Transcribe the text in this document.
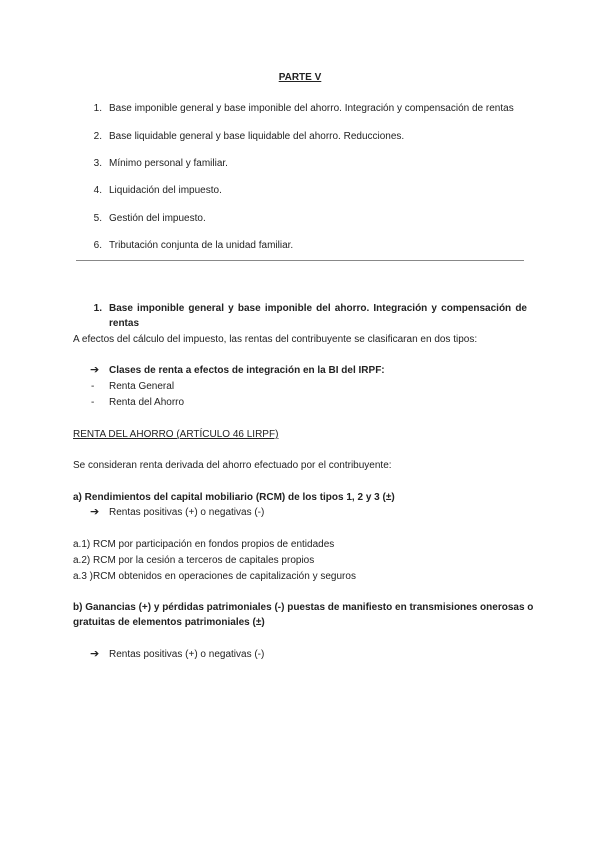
PARTE V
1. Base imponible general y base imponible del ahorro. Integración y compensación de rentas
2. Base liquidable general y base liquidable del ahorro. Reducciones.
3. Mínimo personal y familiar.
4. Liquidación del impuesto.
5. Gestión del impuesto.
6. Tributación conjunta de la unidad familiar.
1. Base imponible general y base imponible del ahorro. Integración y compensación de
rentas
A efectos del cálculo del impuesto, las rentas del contribuyente se clasificaran en dos tipos:
➔ Clases de renta a efectos de integración en la BI del IRPF:
- Renta General
- Renta del Ahorro
RENTA DEL AHORRO (ARTÍCULO 46 LIRPF)
Se consideran renta derivada del ahorro efectuado por el contribuyente:
a) Rendimientos del capital mobiliario (RCM) de los tipos 1, 2 y 3 (±)
➔ Rentas positivas (+) o negativas (-)
a.1) RCM por participación en fondos propios de entidades
a.2) RCM por la cesión a terceros de capitales propios
a.3 )RCM obtenidos en operaciones de capitalización y seguros
b) Ganancias (+) y pérdidas patrimoniales (-) puestas de manifiesto en transmisiones onerosas o
gratuitas de elementos patrimoniales (±)
➔ Rentas positivas (+) o negativas (-)
